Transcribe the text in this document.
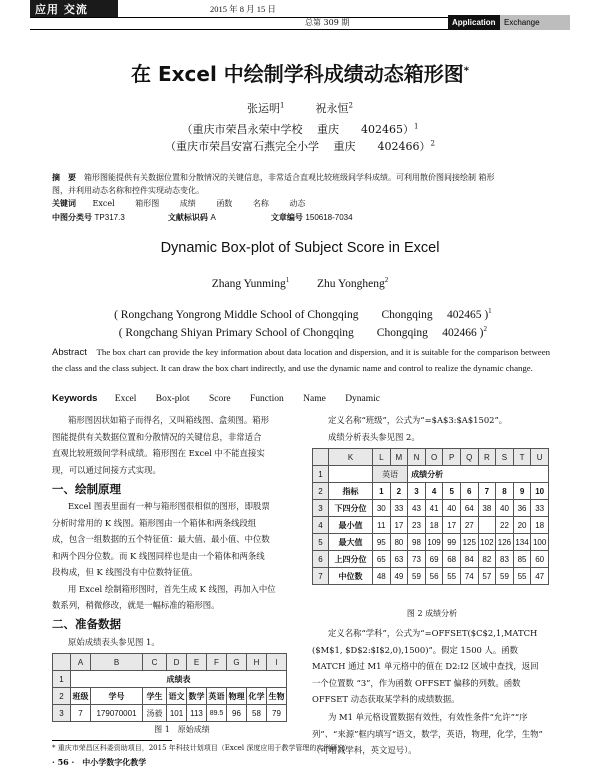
应用 交流	2015 年 8 月 15 日
总第 309 期	Application	Exchange
在 Excel 中绘制学科成绩动态箱形图*
张运明$^1$	祝永恒$^2$
（重庆市荣昌永荣中学校　 重庆　　402465）$^1$
（重庆市荣昌安富石燕完全小学　 重庆　　402466）$^2$
摘　要　 箱形图能提供有关数据位置和分散情况的关键信息，非常适合直观比较班级间学科成绩。可利用散价图间接绘制 箱形
图，并利用动态名称和控件实现动态变化。
关键词 Excel	箱形图	成绩	函数	名称	动态
中图分类号 TP317.3	文献标识码 A	文章编号 150618-7034
Dynamic Box-plot of Subject Score in Excel
Zhang Yunming$^1$ Zhu Yongheng$^2$

( Rongchang Yongrong Middle School of Chongqing        Chongqing     402465 )$^1$

( Rongchang Shiyan Primary School of Chongqing        Chongqing     402466 )$^2$

Abstract The box chart can provide the key information about data location and dispersion, and it is suitable for the comparison between the class and the class subject. It can draw the box chart indirectly, and use the dynamic name and control to realize the dynamic change.
Keywords Excel Box-plot Score Function Name Dynamic
箱形图因状如箱子而得名，又叫箱线图、盒须图。箱形
图能提供有关数据位置和分散情况的关键信息，非常适合
直观比较班级间学科成绩。箱形图在 Excel 中不能直接实
现，可以通过间接方式实现。
一、绘制原理
Excel 图表里面有一种与箱形图很相似的图形，即股票
分析时常用的 K 线图。箱形图由一个箱体和两条线段组
成，包含一组数据的五个特征值：最大值、最小值、中位数
和两个四分位数。而 K 线图同样也是由一个箱体和两条线
段构成，但 K 线图没有中位数特征值。
用 Excel 绘制箱形图时，首先生成 K 线图，再加入中位
数系列，稍微修改，就是一幅标准的箱形图。
二、准备数据
原始成绩表头参见图 1。
	A	B	C	D	E	F	G	H	I
1	成绩表								
2	班级	学号	学生	语文	数学	英语	物理	化学	生物
3	7	179070001	汤毅	101	113	89.5	96	58	79
图 1　原始成绩
定义名称“班级”，公式为“=$A$3:$A$1502”。
成绩分析表头参见图 2。
	K	L	M	N	O	P	Q	R	S	T	U
1		英语		成绩分析							
2	指标	1	2	3	4	5	6	7	8	9	10
3	下四分位	30	33	43	41	40	64	38	40	36	33
4	最小值	11	17	23	18	17	27		22	20	18
5	最大值	95	80	98	109	99	125	102	126	134	100
6	上四分位	65	63	73	69	68	84	82	83	85	60
7	中位数	48	49	59	56	55	74	57	59	55	47
图 2 成绩分析
定义名称“学科”，公式为“=OFFSET($C$2,1,MATCH
($M$1, $D$2:$I$2,0),1500)”。假定 1500 人。函数
MATCH 通过 M1 单元格中的值在 D2:I2 区域中查找，返回
一个位置数 “3”，作为函数 OFFSET 偏移的列数。函数
OFFSET 动态获取某学科的成绩数据。
为 M1 单元格设置数据有效性，有效性条件“允许”“序
列”、“来源”框内填写“语文，数学，英语，物理，化学，生物”
（可增减学科，英文逗号）。
* 重庆市荣昌区科委资助项目，2015 年科技计划项目（Excel 深度应用于教学管理的实例研究）。
· 56 ·　中小学数字化教学
